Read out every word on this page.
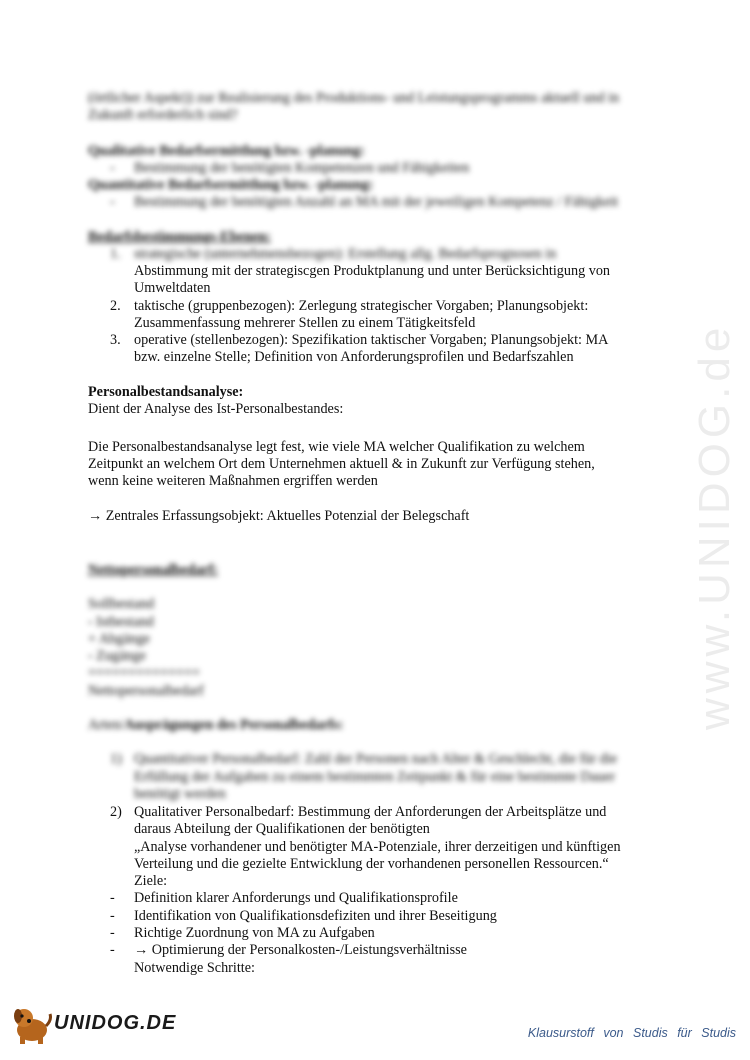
www.UNIDOG.de
(örtlicher Aspekt)) zur Realisierung des Produktions- und Leistungsprogramms aktuell und in
Zukunft erforderlich sind?
Qualitative Bedarfsermittlung bzw. -planung:
- Bestimmung der benötigten Kompetenzen und Fähigkeiten
Quantitative Bedarfsermittlung bzw. -planung:
- Bestimmung der benötigten Anzahl an MA mit der jeweiligen Kompetenz / Fähigkeit
Bedarfsbestimmungs-Ebenen:
1. strategische (unternehmensbezogen): Erstellung allg. Bedarfsprognosen in
Abstimmung mit der strategiscgen Produktplanung und unter Berücksichtigung von
Umweltdaten
2. taktische (gruppenbezogen): Zerlegung strategischer Vorgaben; Planungsobjekt:
Zusammenfassung mehrerer Stellen zu einem Tätigkeitsfeld
3. operative (stellenbezogen): Spezifikation taktischer Vorgaben; Planungsobjekt: MA
bzw. einzelne Stelle; Definition von Anforderungsprofilen und Bedarfszahlen
Personalbestandsanalyse:
Dient der Analyse des Ist-Personalbestandes:
Die Personalbestandsanalyse legt fest, wie viele MA welcher Qualifikation zu welchem
Zeitpunkt an welchem Ort dem Unternehmen aktuell & in Zukunft zur Verfügung stehen,
wenn keine weiteren Maßnahmen ergriffen werden
→ Zentrales Erfassungsobjekt: Aktuelles Potenzial der Belegschaft
Nettopersonalbedarf:
Sollbestand
- Istbestand
+ Abgänge
- Zugänge
==============
Nettopersonalbedarf
Arten/Ausprägungen des Personalbedarfs:
1) Quantitativer Personalbedarf: Zahl der Personen nach Alter & Geschlecht, die für die
Erfüllung der Aufgaben zu einem bestimmten Zeitpunkt & für eine bestimmte Dauer
benötigt werden
2) Qualitativer Personalbedarf: Bestimmung der Anforderungen der Arbeitsplätze und
daraus Abteilung der Qualifikationen der benötigten
„Analyse vorhandener und benötigter MA-Potenziale, ihrer derzeitigen und künftigen
Verteilung und die gezielte Entwicklung der vorhandenen personellen Ressourcen.“
Ziele:
- Definition klarer Anforderungs und Qualifikationsprofile
- Identifikation von Qualifikationsdefiziten und ihrer Beseitigung
- Richtige Zuordnung von MA zu Aufgaben
- → Optimierung der Personalkosten-/Leistungsverhältnisse
Notwendige Schritte:
UNIDOG.DE	Klausurstoff von Studis für Studis
